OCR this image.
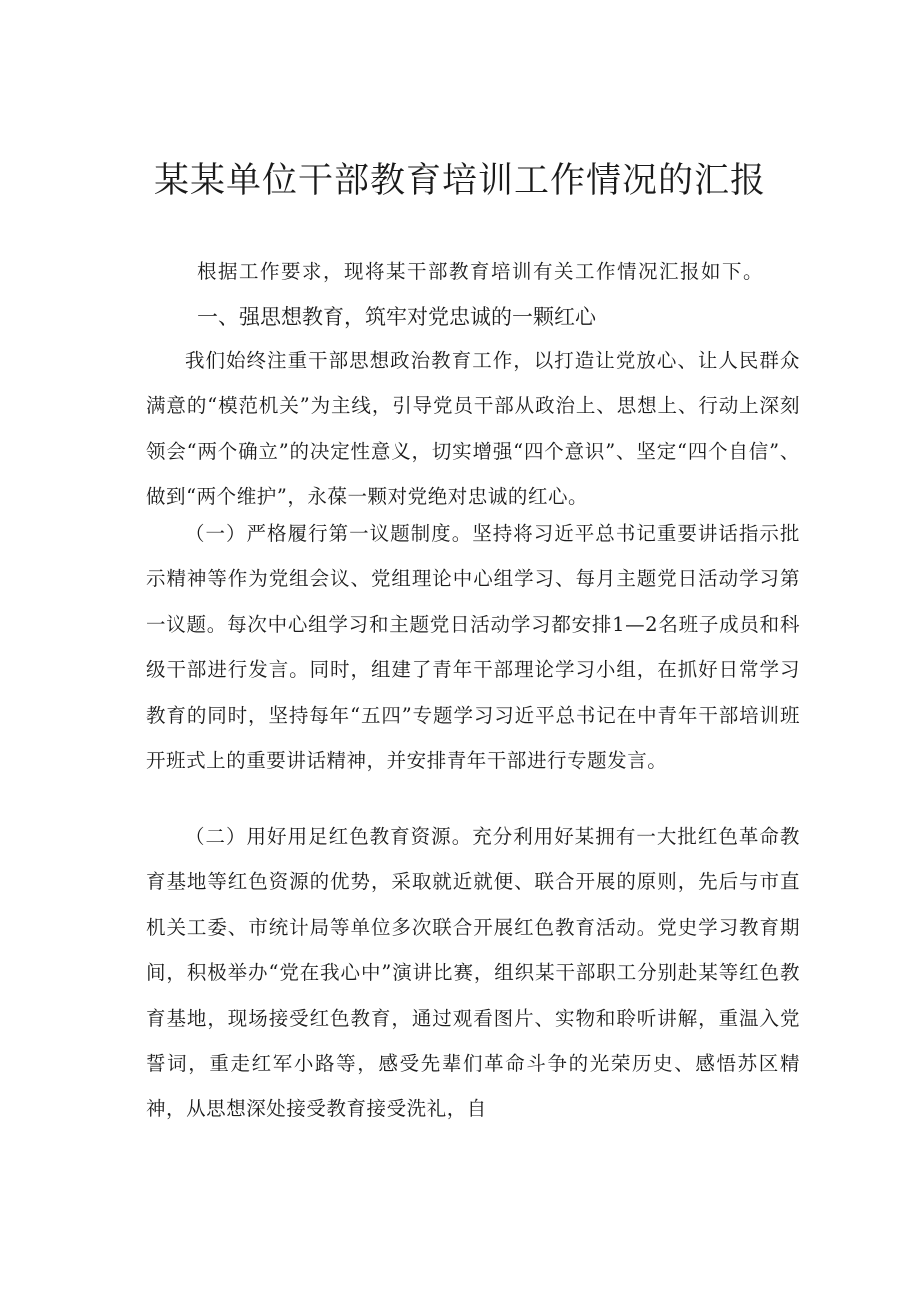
某某单位干部教育培训工作情况的汇报

根据工作要求，现将某干部教育培训有关工作情况汇报如下。

一、强思想教育，筑牢对党忠诚的一颗红心

我们始终注重干部思想政治教育工作，以打造让党放心、让人民群众满意的“模范机关”为主线，引导党员干部从政治上、思想上、行动上深刻领会“两个确立”的决定性意义，切实增强“四个意识”、坚定“四个自信”、做到“两个维护”，永葆一颗对党绝对忠诚的红心。

（一）严格履行第一议题制度。坚持将习近平总书记重要讲话指示批示精神等作为党组会议、党组理论中心组学习、每月主题党日活动学习第一议题。每次中心组学习和主题党日活动学习都安排1—2名班子成员和科级干部进行发言。同时，组建了青年干部理论学习小组，在抓好日常学习教育的同时，坚持每年“五四”专题学习习近平总书记在中青年干部培训班开班式上的重要讲话精神，并安排青年干部进行专题发言。

（二）用好用足红色教育资源。充分利用好某拥有一大批红色革命教育基地等红色资源的优势，采取就近就便、联合开展的原则，先后与市直机关工委、市统计局等单位多次联合开展红色教育活动。党史学习教育期间，积极举办“党在我心中”演讲比赛，组织某干部职工分别赴某等红色教育基地，现场接受红色教育，通过观看图片、实物和聆听讲解，重温入党誓词，重走红军小路等，感受先辈们革命斗争的光荣历史、感悟苏区精神，从思想深处接受教育接受洗礼，自
